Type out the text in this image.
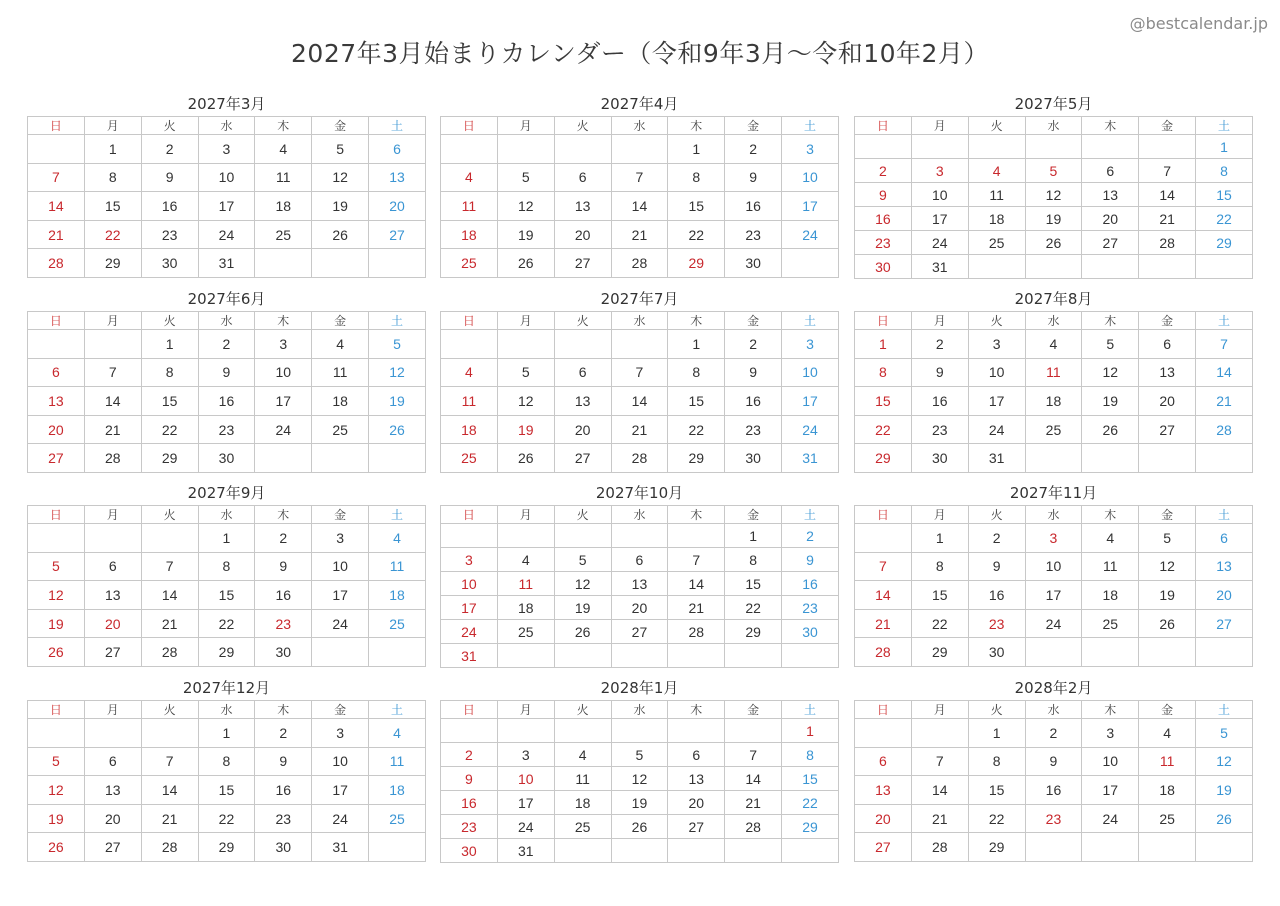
@bestcalendar.jp
2027年3月始まりカレンダー（令和9年3月～令和10年2月）
2027年3月
日	月	火	水	木	金	土
	1	2	3	4	5	6
7	8	9	10	11	12	13
14	15	16	17	18	19	20
21	22	23	24	25	26	27
28	29	30	31			
2027年4月
日	月	火	水	木	金	土
				1	2	3
4	5	6	7	8	9	10
11	12	13	14	15	16	17
18	19	20	21	22	23	24
25	26	27	28	29	30	
2027年5月
日	月	火	水	木	金	土
						1
2	3	4	5	6	7	8
9	10	11	12	13	14	15
16	17	18	19	20	21	22
23	24	25	26	27	28	29
30	31					
2027年6月
日	月	火	水	木	金	土
		1	2	3	4	5
6	7	8	9	10	11	12
13	14	15	16	17	18	19
20	21	22	23	24	25	26
27	28	29	30			
2027年7月
日	月	火	水	木	金	土
				1	2	3
4	5	6	7	8	9	10
11	12	13	14	15	16	17
18	19	20	21	22	23	24
25	26	27	28	29	30	31
2027年8月
日	月	火	水	木	金	土
1	2	3	4	5	6	7
8	9	10	11	12	13	14
15	16	17	18	19	20	21
22	23	24	25	26	27	28
29	30	31				
2027年9月
日	月	火	水	木	金	土
			1	2	3	4
5	6	7	8	9	10	11
12	13	14	15	16	17	18
19	20	21	22	23	24	25
26	27	28	29	30		
2027年10月
日	月	火	水	木	金	土
					1	2
3	4	5	6	7	8	9
10	11	12	13	14	15	16
17	18	19	20	21	22	23
24	25	26	27	28	29	30
31						
2027年11月
日	月	火	水	木	金	土
	1	2	3	4	5	6
7	8	9	10	11	12	13
14	15	16	17	18	19	20
21	22	23	24	25	26	27
28	29	30				
2027年12月
日	月	火	水	木	金	土
			1	2	3	4
5	6	7	8	9	10	11
12	13	14	15	16	17	18
19	20	21	22	23	24	25
26	27	28	29	30	31	
2028年1月
日	月	火	水	木	金	土
						1
2	3	4	5	6	7	8
9	10	11	12	13	14	15
16	17	18	19	20	21	22
23	24	25	26	27	28	29
30	31					
2028年2月
日	月	火	水	木	金	土
		1	2	3	4	5
6	7	8	9	10	11	12
13	14	15	16	17	18	19
20	21	22	23	24	25	26
27	28	29				
